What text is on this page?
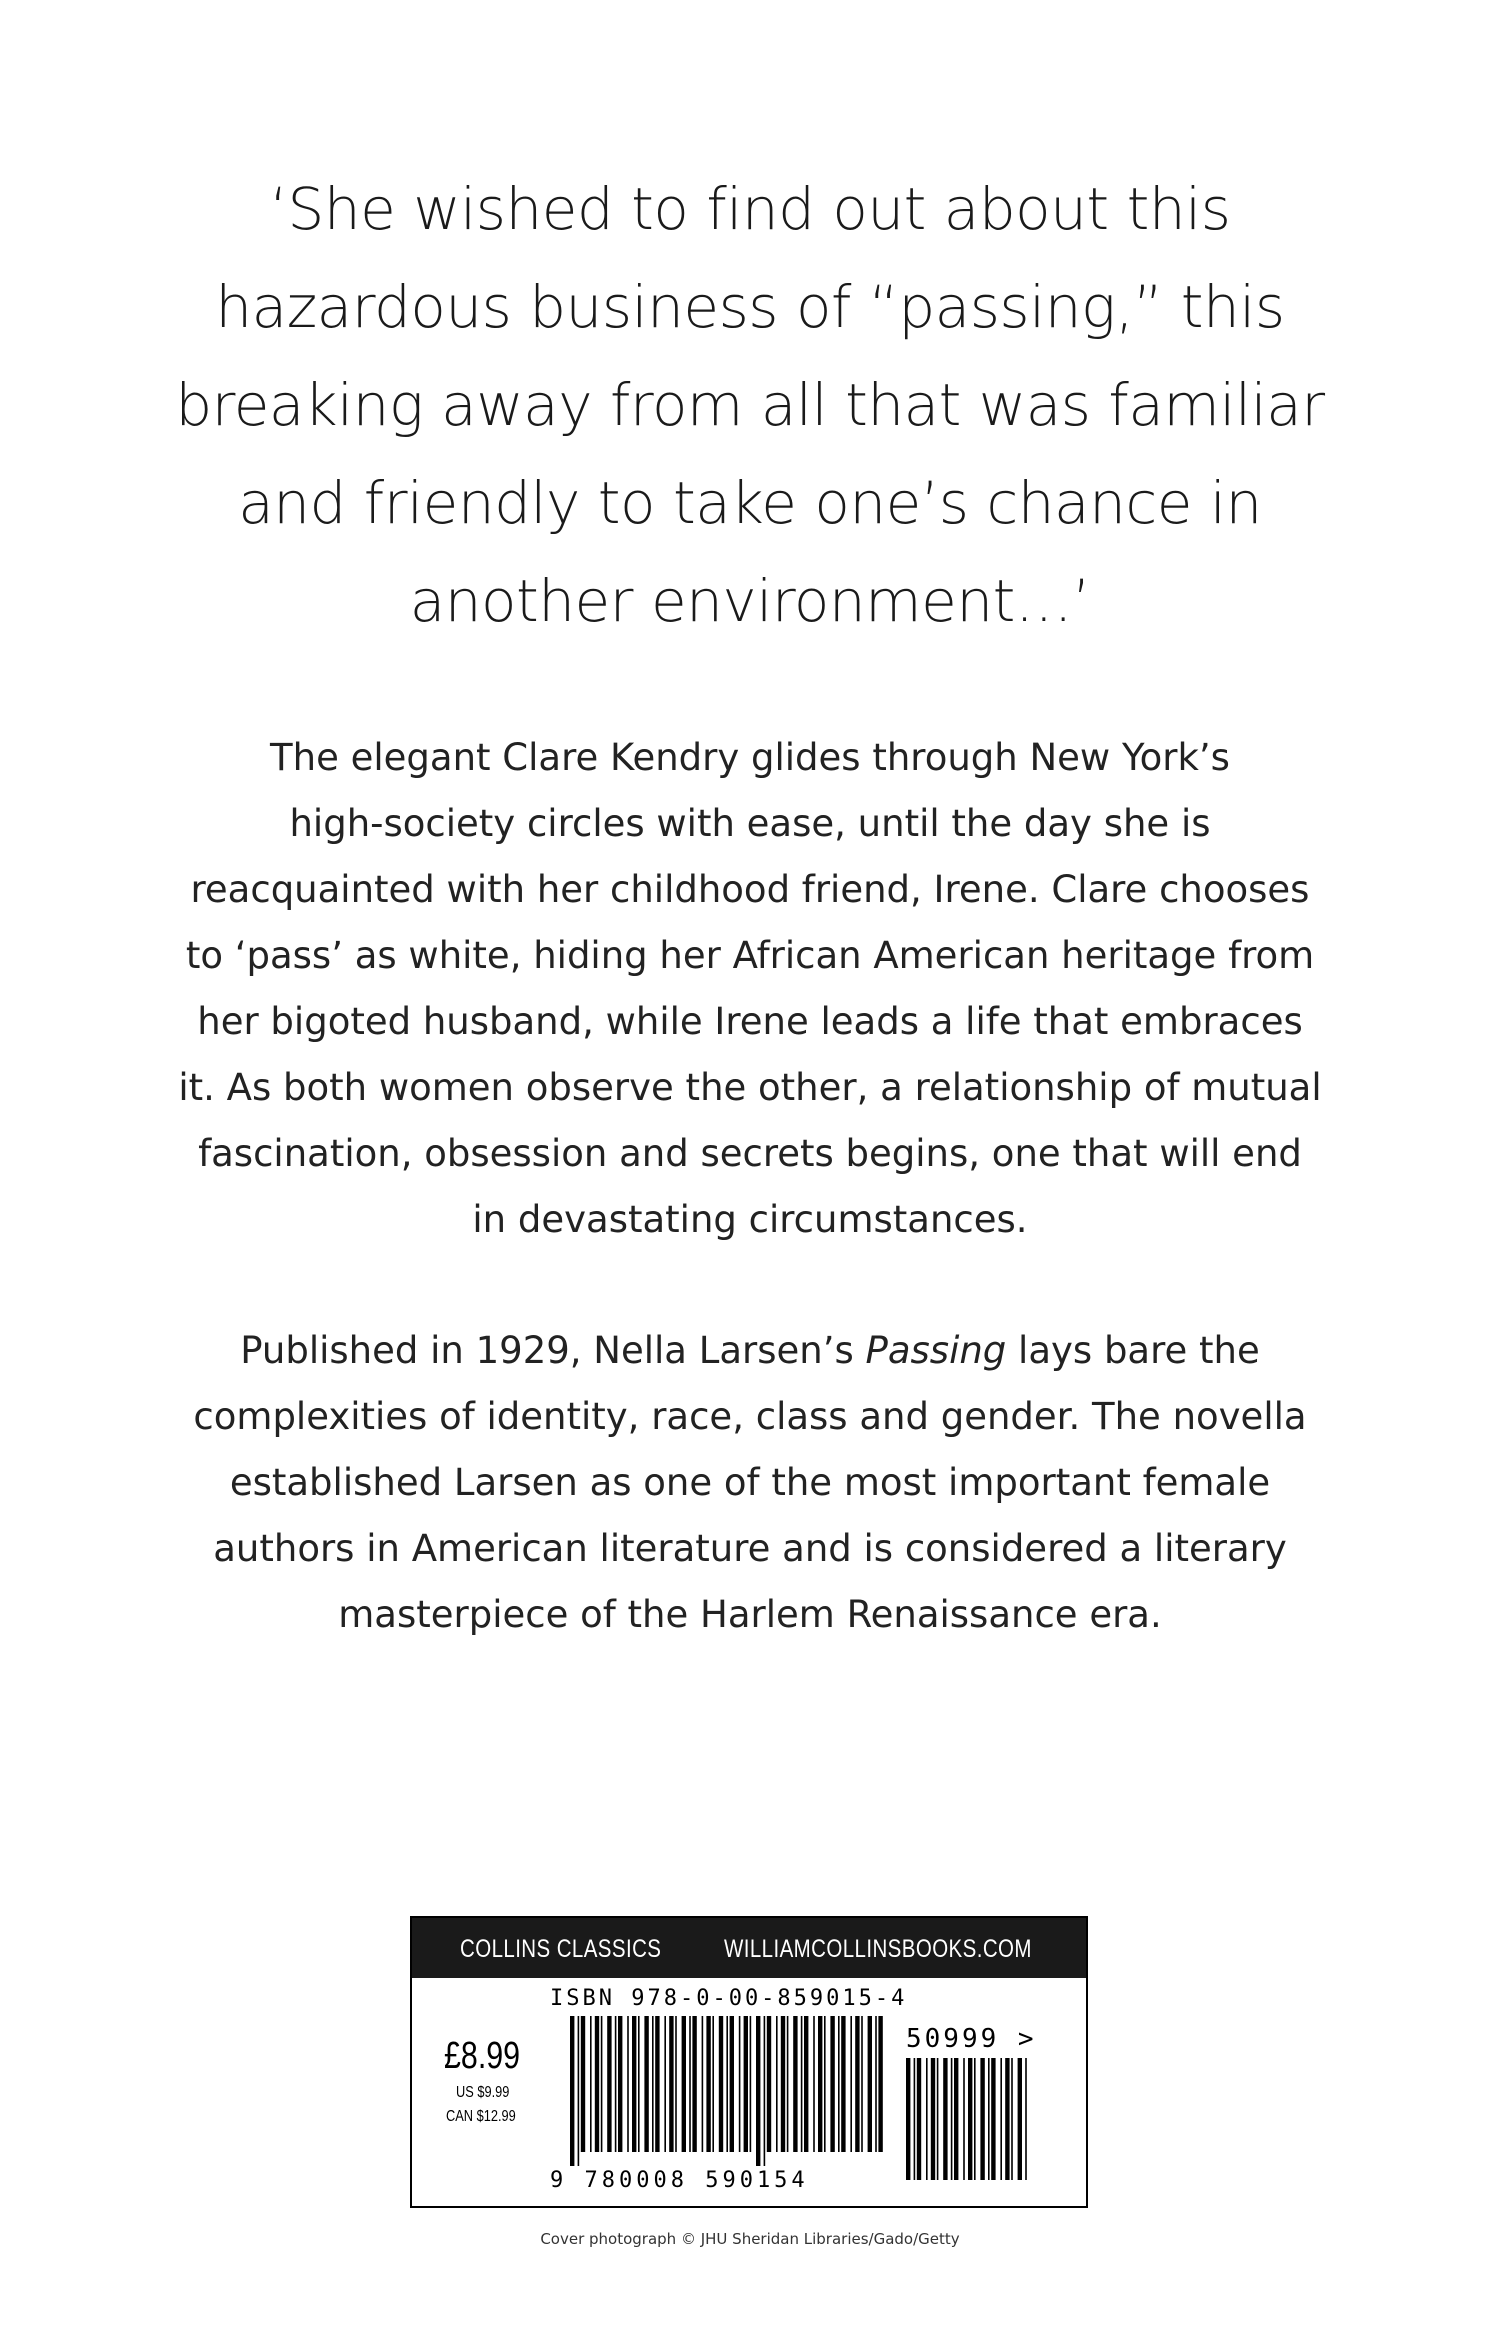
‘She wished to find out about this
hazardous business of “passing,” this
breaking away from all that was familiar
and friendly to take one’s chance in
another environment…’

The elegant Clare Kendry glides through New York’s
high-society circles with ease, until the day she is
reacquainted with her childhood friend, Irene. Clare chooses
to ‘pass’ as white, hiding her African American heritage from
her bigoted husband, while Irene leads a life that embraces
it. As both women observe the other, a relationship of mutual
fascination, obsession and secrets begins, one that will end
in devastating circumstances.

Published in 1929, Nella Larsen’s Passing lays bare the
complexities of identity, race, class and gender. The novella
established Larsen as one of the most important female
authors in American literature and is considered a literary
masterpiece of the Harlem Renaissance era.

COLLINS CLASSICS	WILLIAMCOLLINSBOOKS.COM
ISBN 978-0-00-859015-4
£8.99
US $9.99
CAN $12.99
9 780008 590154
50999 >
Cover photograph © JHU Sheridan Libraries/Gado/Getty
